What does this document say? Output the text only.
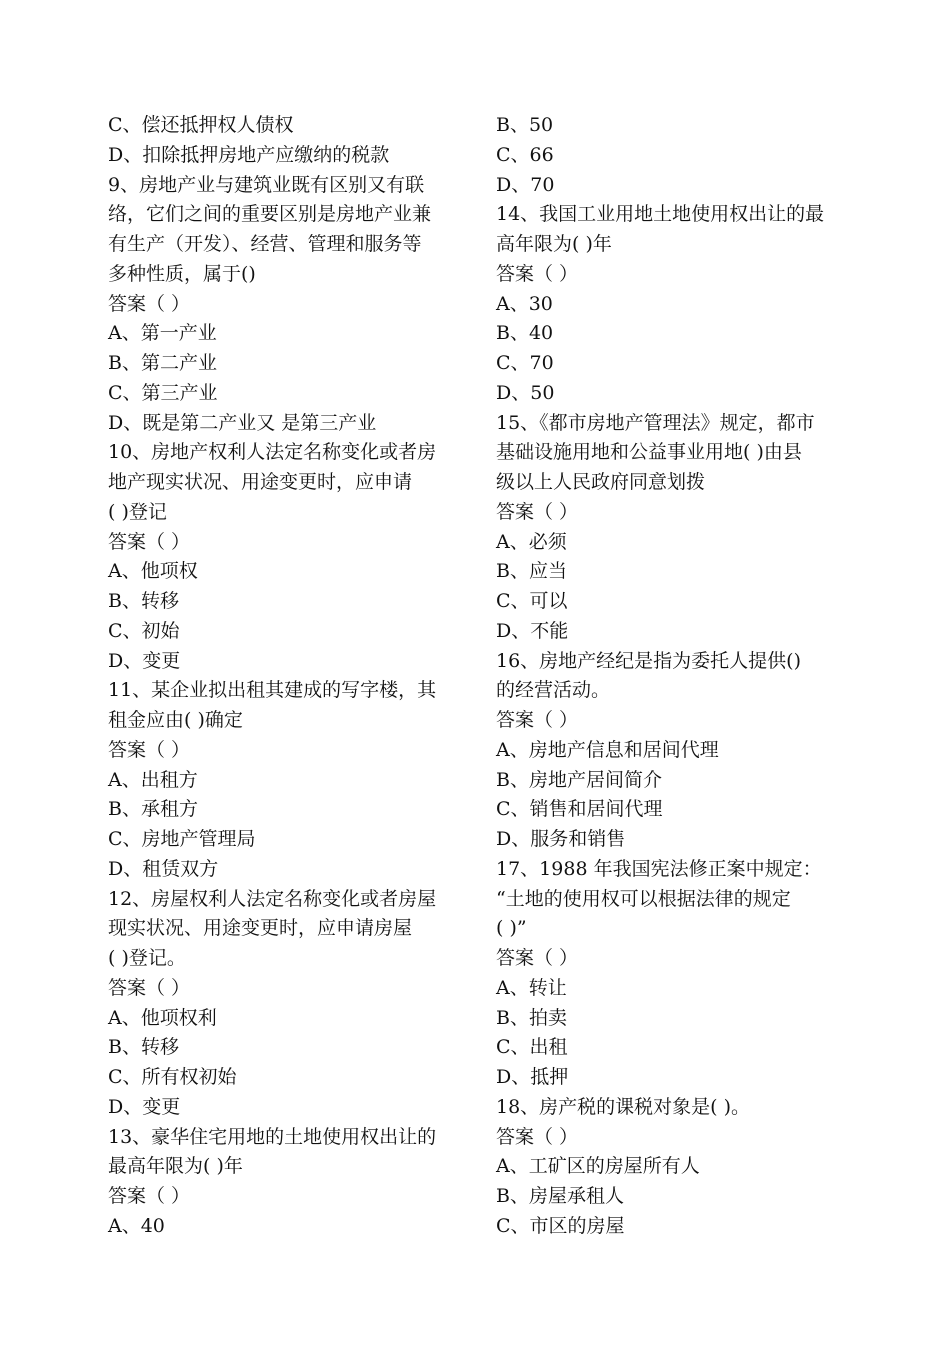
C、偿还抵押权人债权
D、扣除抵押房地产应缴纳的税款
9、房地产业与建筑业既有区别又有联
络，它们之间的重要区别是房地产业兼
有生产（开发）、经营、管理和服务等
多种性质，属于()
答案（ ）
A、第一产业
B、第二产业
C、第三产业
D、既是第二产业又 是第三产业
10、房地产权利人法定名称变化或者房
地产现实状况、用途变更时，应申请
( )登记
答案（ ）
A、他项权
B、转移
C、初始
D、变更
11、某企业拟出租其建成的写字楼，其
租金应由( )确定
答案（ ）
A、出租方
B、承租方
C、房地产管理局
D、租赁双方
12、房屋权利人法定名称变化或者房屋
现实状况、用途变更时，应申请房屋
( )登记。
答案（ ）
A、他项权利
B、转移
C、所有权初始
D、变更
13、豪华住宅用地的土地使用权出让的
最高年限为( )年
答案（ ）
A、40
B、50
C、66
D、70
14、我国工业用地土地使用权出让的最
高年限为( )年
答案（ ）
A、30
B、40
C、70
D、50
15、《都市房地产管理法》规定，都市
基础设施用地和公益事业用地( )由县
级以上人民政府同意划拨
答案（ ）
A、必须
B、应当
C、可以
D、不能
16、房地产经纪是指为委托人提供()
的经营活动。
答案（ ）
A、房地产信息和居间代理
B、房地产居间简介
C、销售和居间代理
D、服务和销售
17、1988 年我国宪法修正案中规定：
“土地的使用权可以根据法律的规定
( )”
答案（ ）
A、转让
B、拍卖
C、出租
D、抵押
18、房产税的课税对象是( )。
答案（ ）
A、工矿区的房屋所有人
B、房屋承租人
C、市区的房屋
